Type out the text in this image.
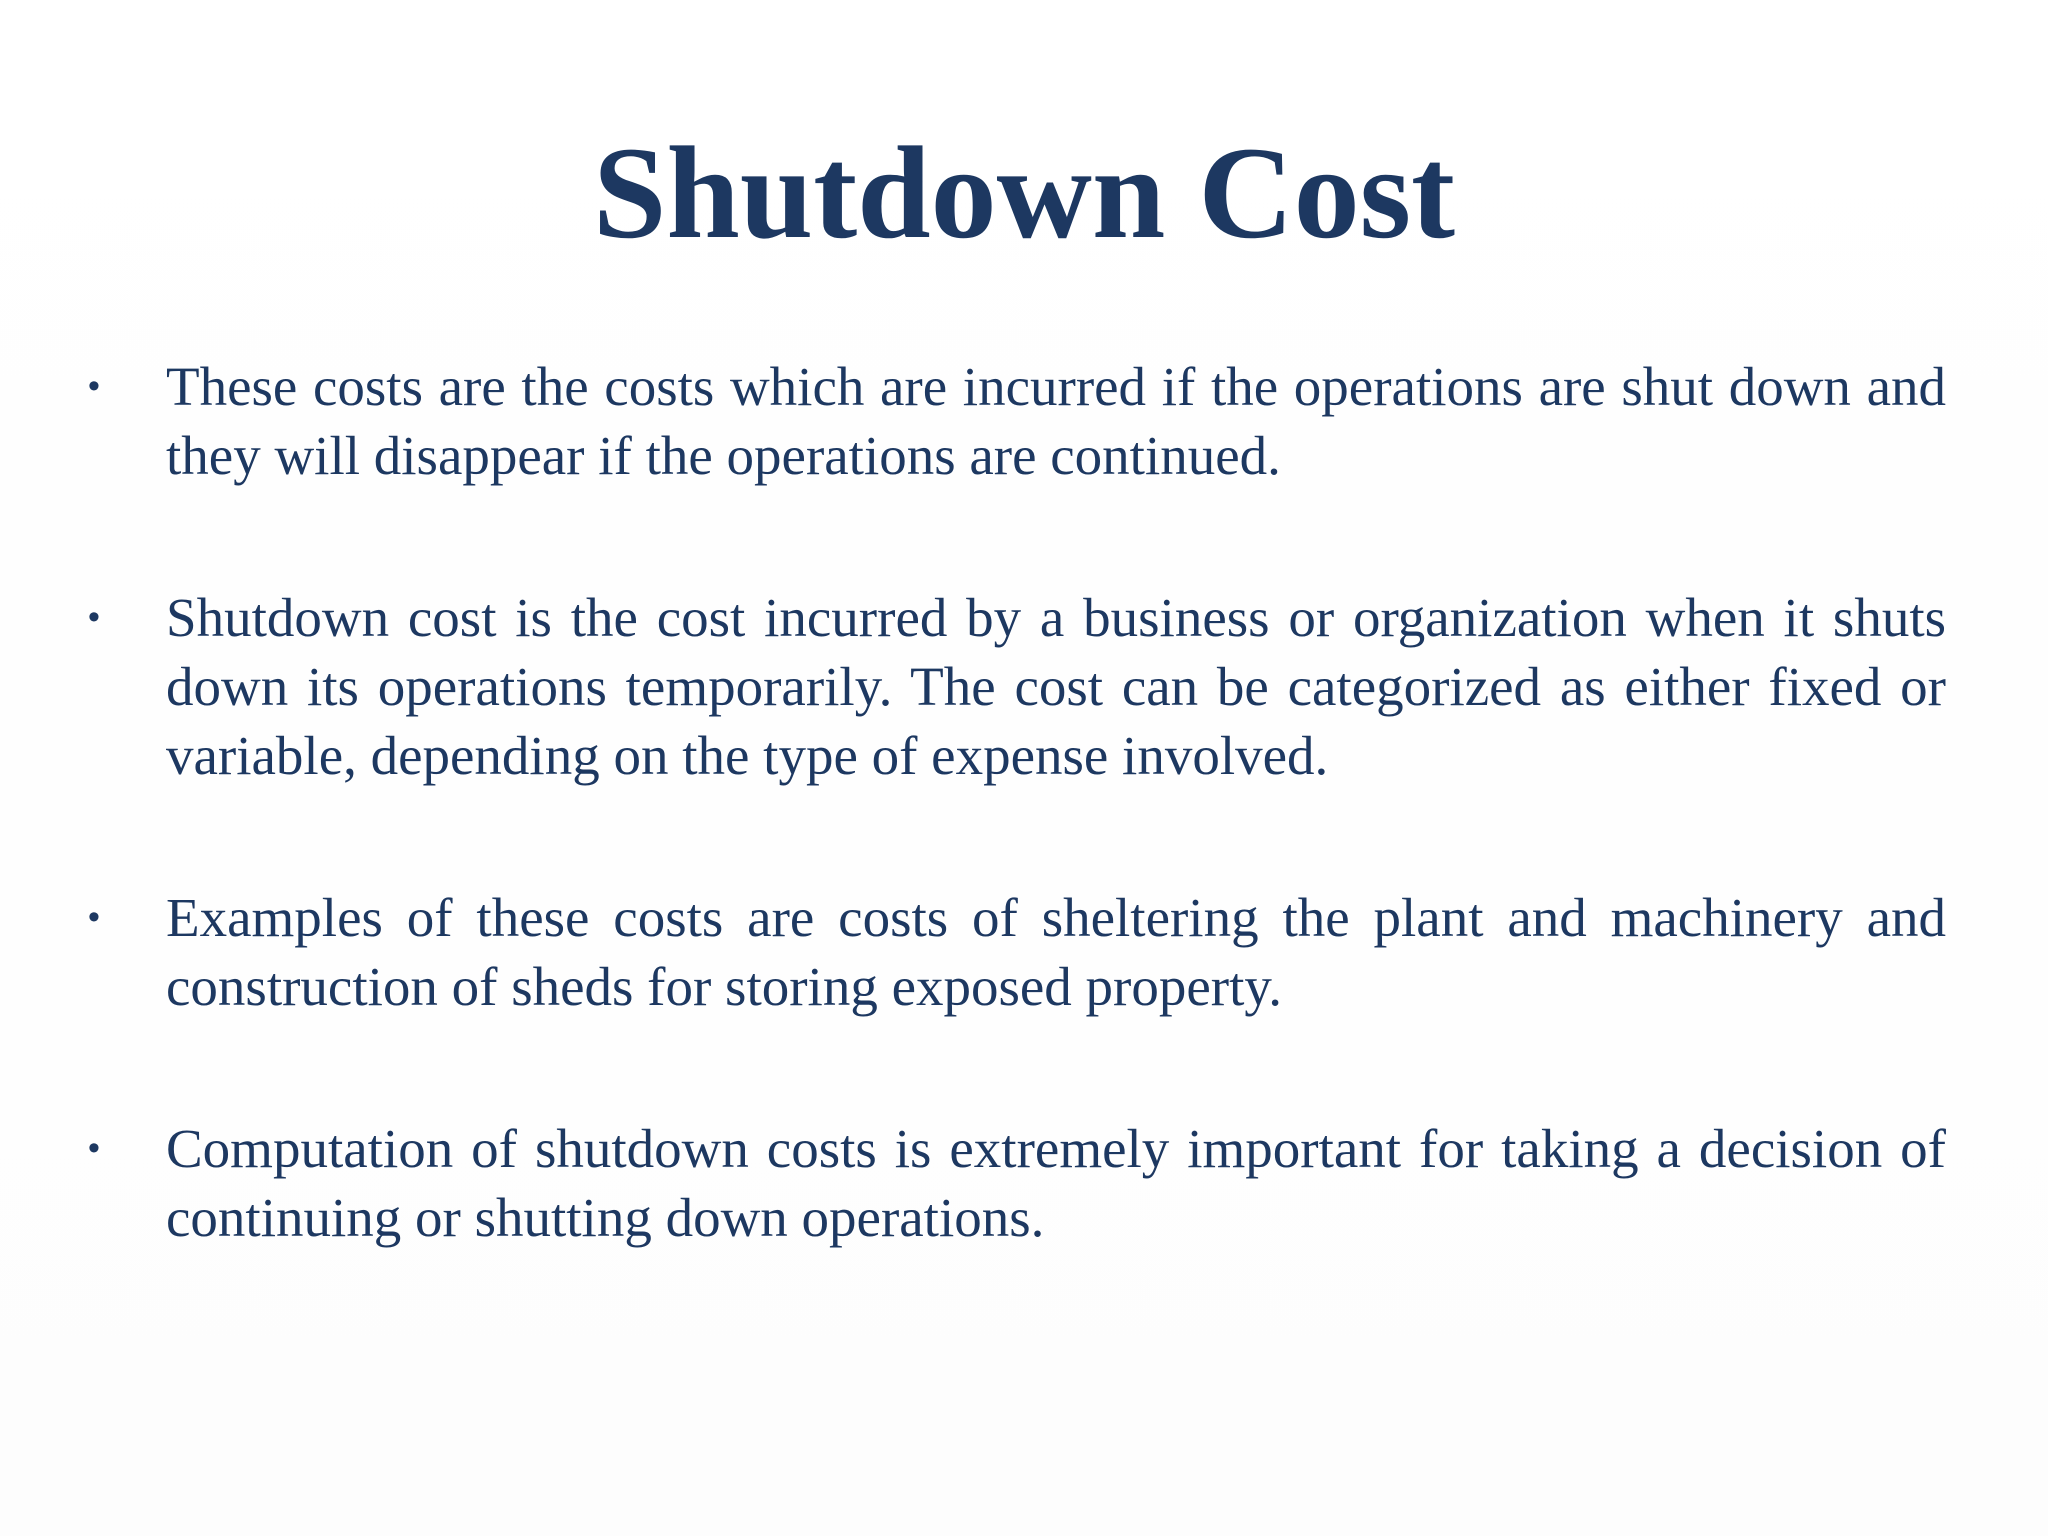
Shutdown Cost
•	These costs are the costs which are incurred if the operations are shut down and they will disappear if the operations are continued.
•	Shutdown cost is the cost incurred by a business or organization when it shuts down its operations temporarily. The cost can be categorized as either fixed or variable, depending on the type of expense involved.
•	Examples of these costs are costs of sheltering the plant and machinery and construction of sheds for storing exposed property.
•	Computation of shutdown costs is extremely important for taking a decision of continuing or shutting down operations.
